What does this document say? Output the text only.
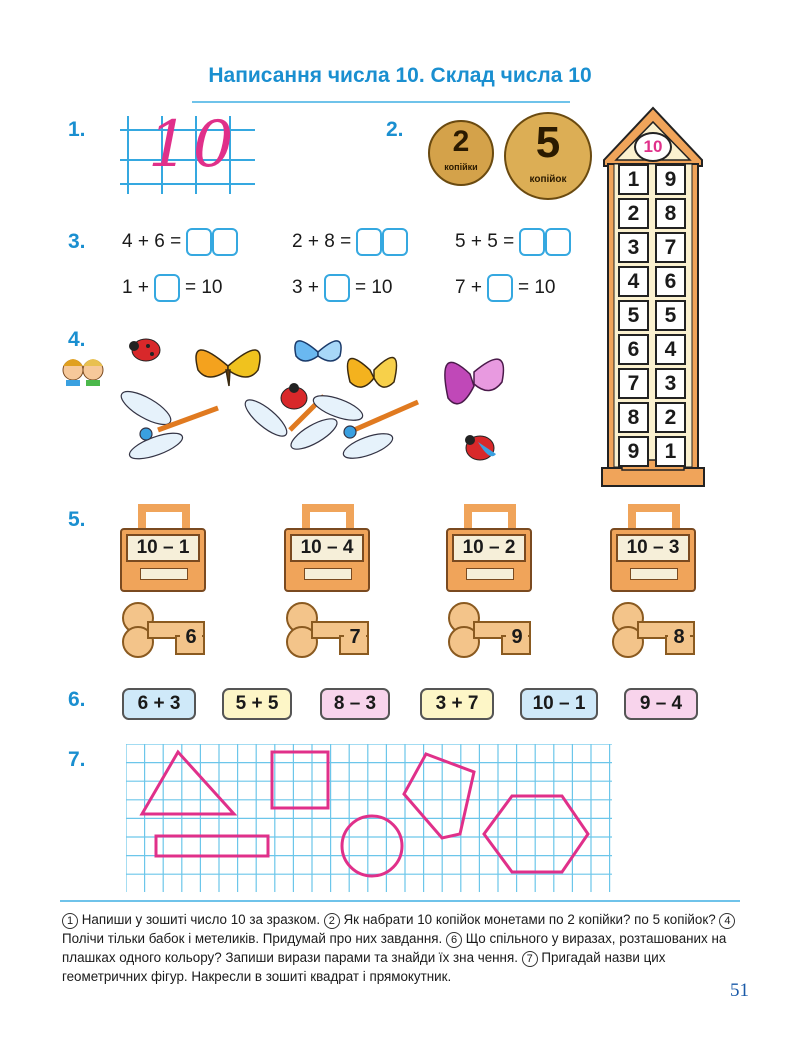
Написання числа 10. Склад числа 10
1. 10	2.	2
копійки	5
копійок
3. 4 + 6 =	2 + 8 =	5 + 5 =
1 + = 10	3 + = 10	7 + = 10
4.
10
1	9
2	8
3	7
4	6
5	5
6	4
7	3
8	2
9	1
5.
10 – 1	10 – 4	10 – 2	10 – 3
6	7	9	8
6.	6 + 3	5 + 5	8 – 3	3 + 7	10 – 1	9 – 4
7.
1 Напиши у зошиті число 10 за зразком. 2 Як набрати 10 копійок монетами по 2 копійки? по 5 копійок? 4 Полічи тільки бабок і метеликів. Придумай про них завдання. 6 Що спільного у виразах, розташованих на плашках одного кольору? Запиши вирази парами та знайди їх зна чення. 7 Пригадай назви цих геометричних фігур. Накресли в зошиті квадрат і прямокутник.
51
